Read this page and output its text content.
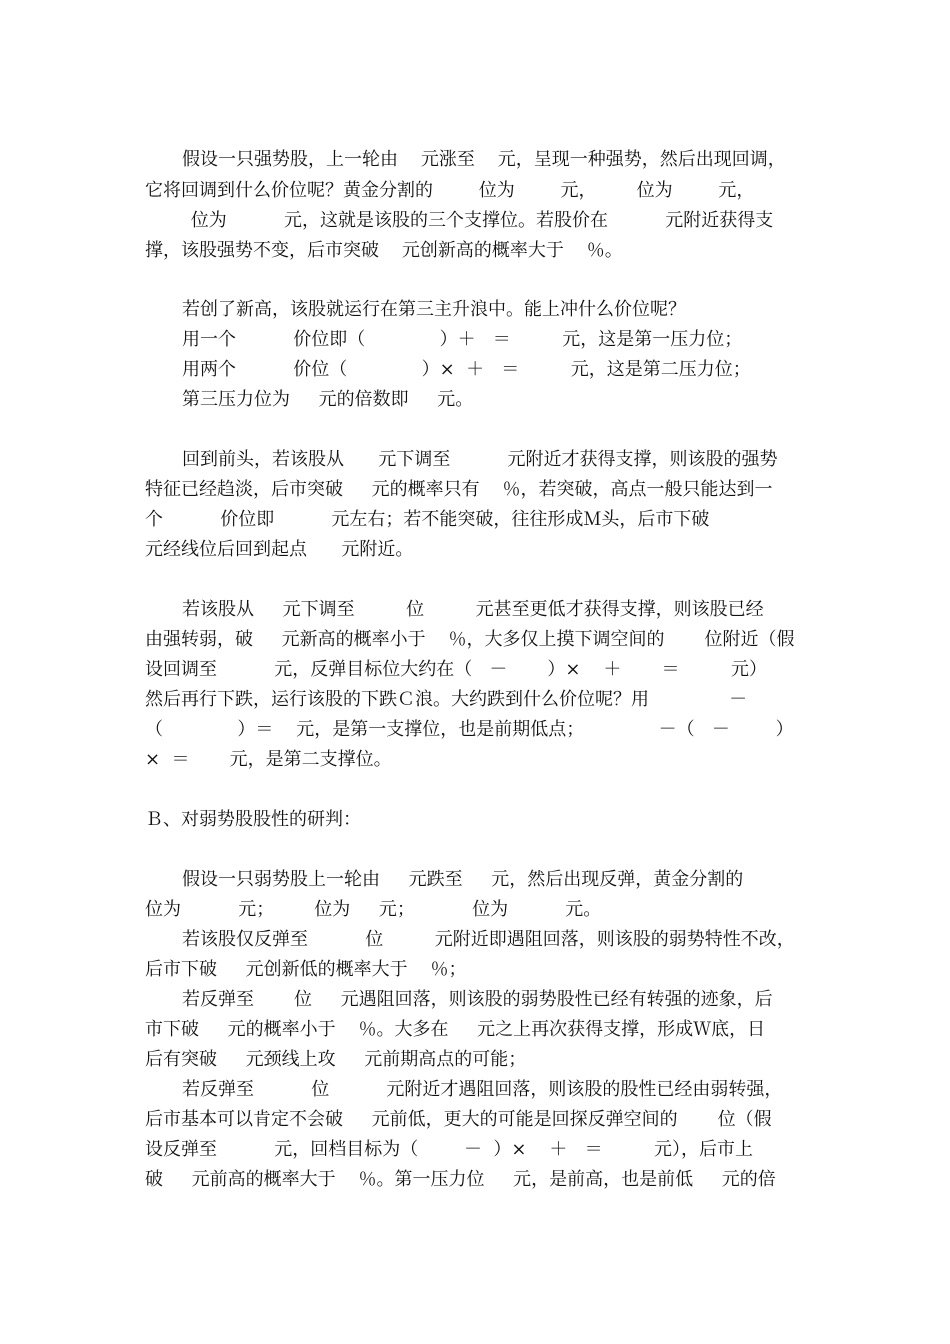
假设一只强势股，上一轮由    元涨至    元，呈现一种强势，然后出现回调，
它将回调到什么价位呢？黄金分割的        位为        元，       位为        元，
位为          元，这就是该股的三个支撑位。若股价在          元附近获得支
撑，该股强势不变，后市突破    元创新高的概率大于    ％。
若创了新高，该股就运行在第三主升浪中。能上冲什么价位呢？
用一个          价位即（             ）＋   ＝         元，这是第一压力位；
用两个          价位（             ）×  ＋   ＝         元，这是第二压力位；
第三压力位为     元的倍数即     元。
回到前头，若该股从      元下调至          元附近才获得支撑，则该股的强势
特征已经趋淡，后市突破     元的概率只有    ％，若突破，高点一般只能达到一
个          价位即          元左右；若不能突破，往往形成Ｍ头，后市下破
元经线位后回到起点      元附近。
若该股从     元下调至         位         元甚至更低才获得支撑，则该股已经
由强转弱，破     元新高的概率小于    ％，大多仅上摸下调空间的       位附近（假
设回调至          元，反弹目标位大约在（   －       ）×    ＋       ＝         元）
然后再行下跌，运行该股的下跌Ｃ浪。大约跌到什么价位呢？用              －
（             ）＝    元，是第一支撑位，也是前期低点；             －（   －        ）
×  ＝       元，是第二支撑位。
Ｂ、对弱势股股性的研判：
假设一只弱势股上一轮由     元跌至     元，然后出现反弹，黄金分割的
位为          元；       位为     元；          位为          元。
若该股仅反弹至          位         元附近即遇阻回落，则该股的弱势特性不改，
后市下破     元创新低的概率大于    ％；
若反弹至       位     元遇阻回落，则该股的弱势股性已经有转强的迹象，后
市下破     元的概率小于    ％。大多在     元之上再次获得支撑，形成Ｗ底，日
后有突破     元颈线上攻     元前期高点的可能；
若反弹至          位          元附近才遇阻回落，则该股的股性已经由弱转强，
后市基本可以肯定不会破     元前低，更大的可能是回探反弹空间的       位（假
设反弹至          元，回档目标为（        －  ）×    ＋   ＝         元），后市上
破     元前高的概率大于    ％。第一压力位     元，是前高，也是前低     元的倍
